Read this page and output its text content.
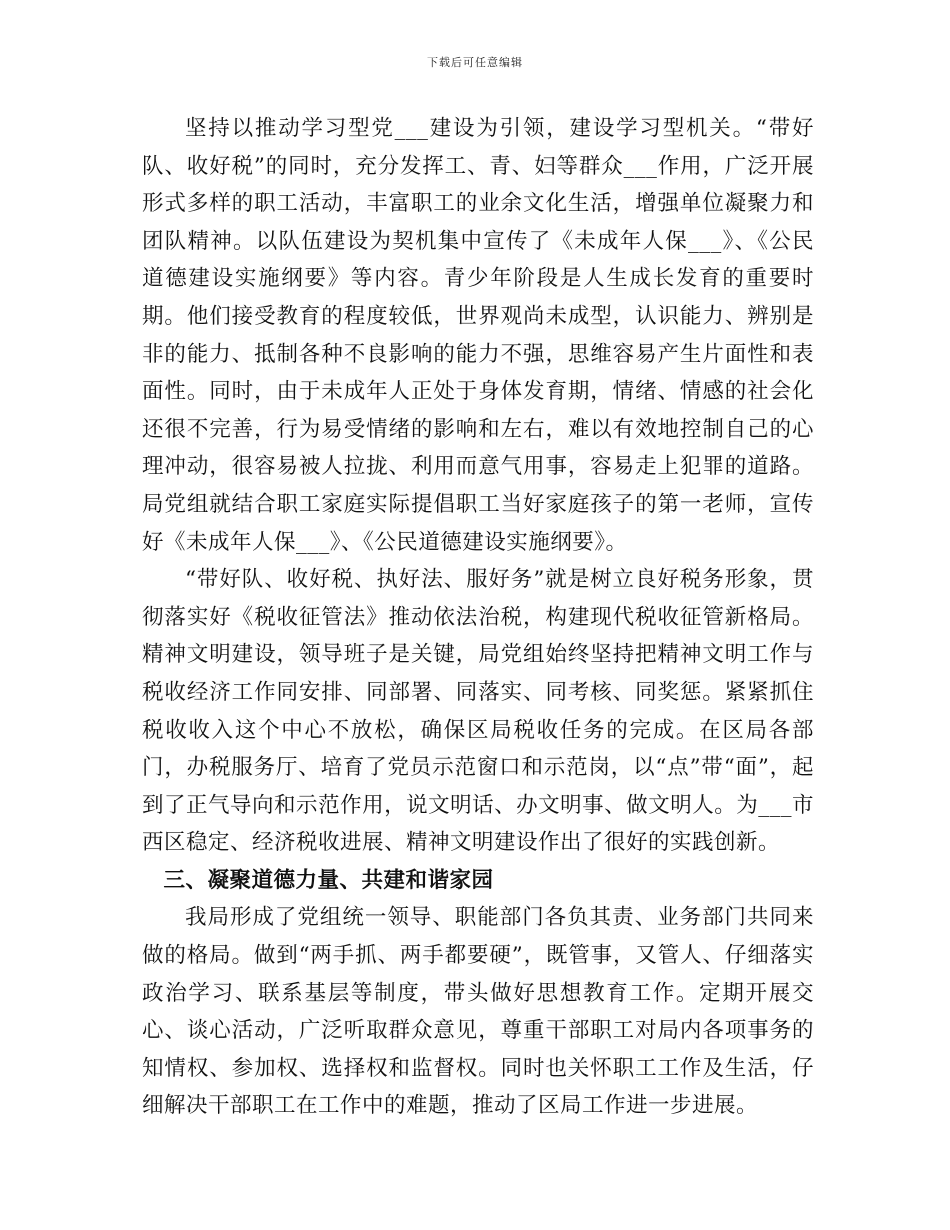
下载后可任意编辑

坚持以推动学习型党___建设为引领，建设学习型机关。“带好队、收好税”的同时，充分发挥工、青、妇等群众___作用，广泛开展形式多样的职工活动，丰富职工的业余文化生活，增强单位凝聚力和团队精神。以队伍建设为契机集中宣传了《未成年人保___》、《公民道德建设实施纲要》等内容。青少年阶段是人生成长发育的重要时期。他们接受教育的程度较低，世界观尚未成型，认识能力、辨别是非的能力、抵制各种不良影响的能力不强，思维容易产生片面性和表面性。同时，由于未成年人正处于身体发育期，情绪、情感的社会化还很不完善，行为易受情绪的影响和左右，难以有效地控制自己的心理冲动，很容易被人拉拢、利用而意气用事，容易走上犯罪的道路。局党组就结合职工家庭实际提倡职工当好家庭孩子的第一老师，宣传好《未成年人保___》、《公民道德建设实施纲要》。

“带好队、收好税、执好法、服好务”就是树立良好税务形象，贯彻落实好《税收征管法》推动依法治税，构建现代税收征管新格局。精神文明建设，领导班子是关键，局党组始终坚持把精神文明工作与税收经济工作同安排、同部署、同落实、同考核、同奖惩。紧紧抓住税收收入这个中心不放松，确保区局税收任务的完成。在区局各部门，办税服务厅、培育了党员示范窗口和示范岗，以“点”带“面”，起到了正气导向和示范作用，说文明话、办文明事、做文明人。为___市西区稳定、经济税收进展、精神文明建设作出了很好的实践创新。

三、凝聚道德力量、共建和谐家园

我局形成了党组统一领导、职能部门各负其责、业务部门共同来做的格局。做到“两手抓、两手都要硬”，既管事，又管人、仔细落实政治学习、联系基层等制度，带头做好思想教育工作。定期开展交心、谈心活动，广泛听取群众意见，尊重干部职工对局内各项事务的知情权、参加权、选择权和监督权。同时也关怀职工工作及生活，仔细解决干部职工在工作中的难题，推动了区局工作进一步进展。
